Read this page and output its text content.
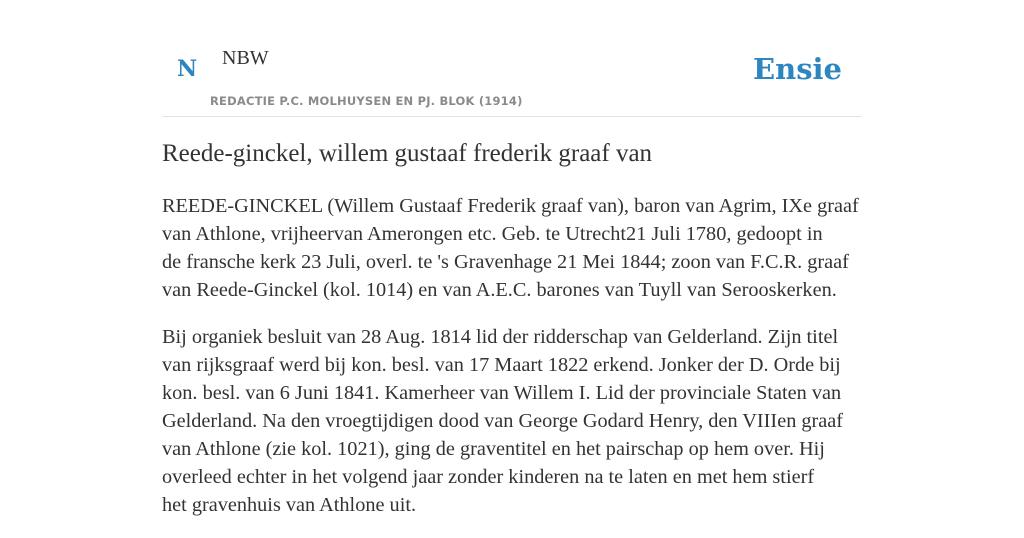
N NBW
REDACTIE P.C. MOLHUYSEN EN PJ. BLOK (1914)
Ensie
Reede-ginckel, willem gustaaf frederik graaf van

REEDE-GINCKEL (Willem Gustaaf Frederik graaf van), baron van Agrim, IXe graaf
van Athlone, vrijheervan Amerongen etc. Geb. te Utrecht21 Juli 1780, gedoopt in
de fransche kerk 23 Juli, overl. te 's Gravenhage 21 Mei 1844; zoon van F.C.R. graaf
van Reede-Ginckel (kol. 1014) en van A.E.C. barones van Tuyll van Serooskerken.

Bij organiek besluit van 28 Aug. 1814 lid der ridderschap van Gelderland. Zijn titel
van rijksgraaf werd bij kon. besl. van 17 Maart 1822 erkend. Jonker der D. Orde bij
kon. besl. van 6 Juni 1841. Kamerheer van Willem I. Lid der provinciale Staten van
Gelderland. Na den vroegtijdigen dood van George Godard Henry, den VIIIen graaf
van Athlone (zie kol. 1021), ging de graventitel en het pairschap op hem over. Hij
overleed echter in het volgend jaar zonder kinderen na te laten en met hem stierf
het gravenhuis van Athlone uit.
